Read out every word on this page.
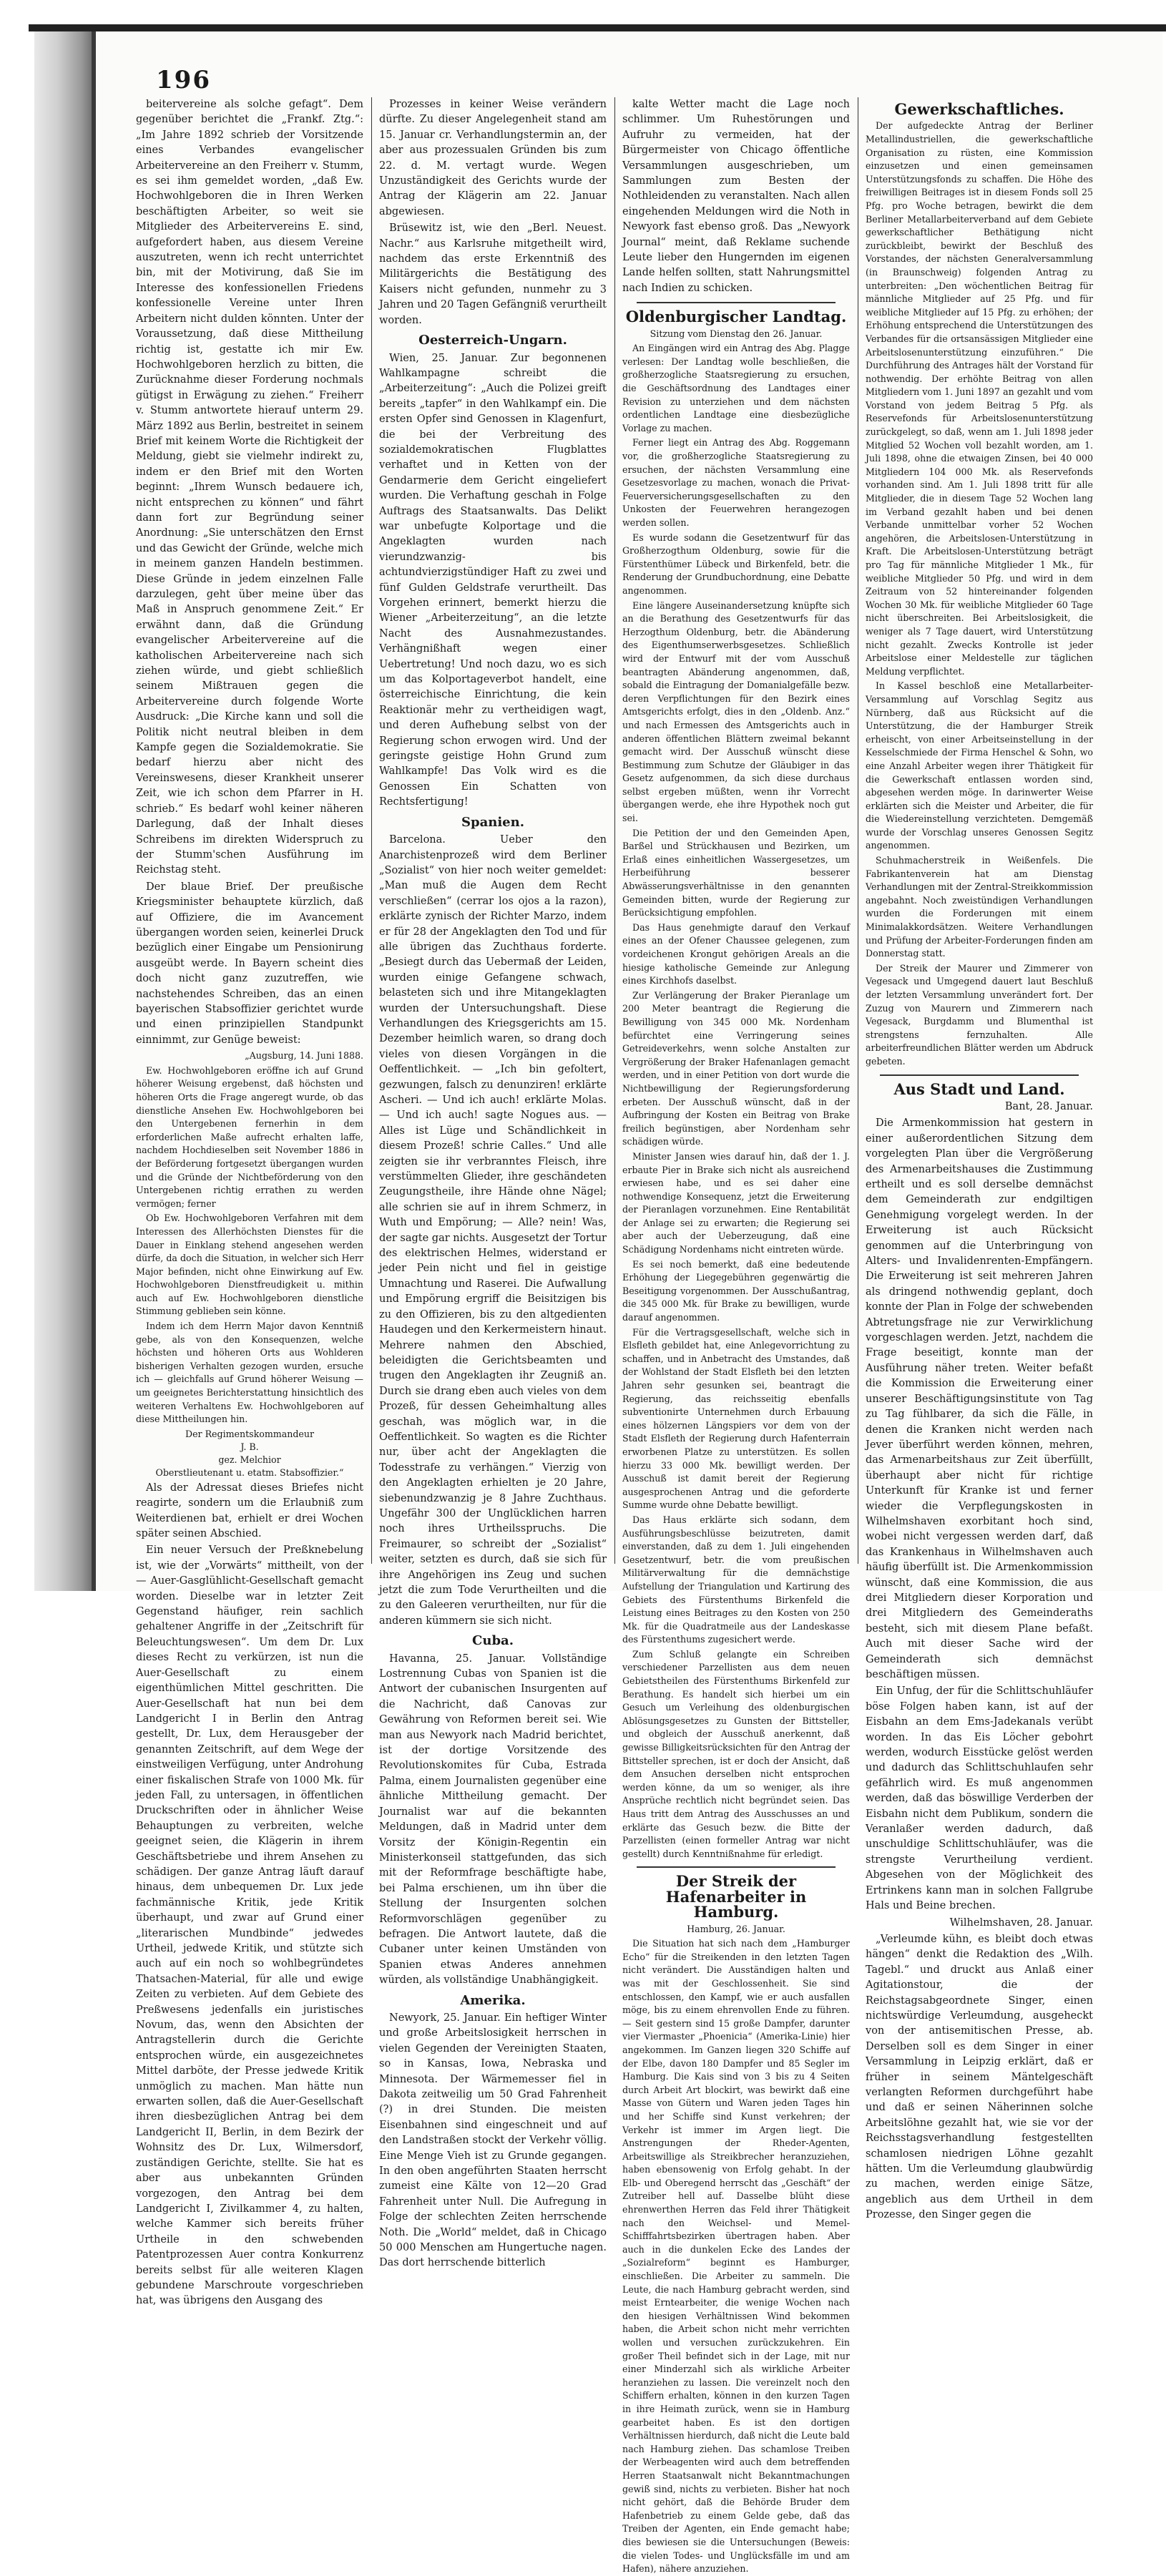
196

beitervereine als solche gefagt“. Dem gegenüber berichtet die „Frankf. Ztg.“: „Im Jahre 1892 schrieb der Vorsitzende eines Verbandes evangelischer Arbeitervereine an den Freiherr v. Stumm, es sei ihm gemeldet worden, „daß Ew. Hochwohlgeboren die in Ihren Werken beschäftigten Arbeiter, so weit sie Mitglieder des Arbeitervereins E. sind, aufgefordert haben, aus diesem Vereine auszutreten, wenn ich recht unterrichtet bin, mit der Motivirung, daß Sie im Interesse des konfessionellen Friedens konfessionelle Vereine unter Ihren Arbeitern nicht dulden könnten. Unter der Voraussetzung, daß diese Mittheilung richtig ist, gestatte ich mir Ew. Hochwohlgeboren herzlich zu bitten, die Zurücknahme dieser Forderung nochmals gütigst in Erwägung zu ziehen.“ Freiherr v. Stumm antwortete hierauf unterm 29. März 1892 aus Berlin, bestreitet in seinem Brief mit keinem Worte die Richtigkeit der Meldung, giebt sie vielmehr indirekt zu, indem er den Brief mit den Worten beginnt: „Ihrem Wunsch bedauere ich, nicht entsprechen zu können“ und fährt dann fort zur Begründung seiner Anordnung: „Sie unterschätzen den Ernst und das Gewicht der Gründe, welche mich in meinem ganzen Handeln bestimmen. Diese Gründe in jedem einzelnen Falle darzulegen, geht über meine über das Maß in Anspruch genommene Zeit.“ Er erwähnt dann, daß die Gründung evangelischer Arbeitervereine auf die katholischen Arbeitervereine nach sich ziehen würde, und giebt schließlich seinem Mißtrauen gegen die Arbeitervereine durch folgende Worte Ausdruck: „Die Kirche kann und soll die Politik nicht neutral bleiben in dem Kampfe gegen die Sozialdemokratie. Sie bedarf hierzu aber nicht des Vereinswesens, dieser Krankheit unserer Zeit, wie ich schon dem Pfarrer in H. schrieb.“ Es bedarf wohl keiner näheren Darlegung, daß der Inhalt dieses Schreibens im direkten Widerspruch zu der Stumm'schen Ausführung im Reichstag steht.

Der blaue Brief. Der preußische Kriegsminister behauptete kürzlich, daß auf Offiziere, die im Avancement übergangen worden seien, keinerlei Druck bezüglich einer Eingabe um Pensionirung ausgeübt werde. In Bayern scheint dies doch nicht ganz zuzutreffen, wie nachstehendes Schreiben, das an einen bayerischen Stabsoffizier gerichtet wurde und einen prinzipiellen Standpunkt einnimmt, zur Genüge beweist:

„Augsburg, 14. Juni 1888.

Ew. Hochwohlgeboren eröffne ich auf Grund höherer Weisung ergebenst, daß höchsten und höheren Orts die Frage angeregt wurde, ob das dienstliche Ansehen Ew. Hochwohlgeboren bei den Untergebenen fernerhin in dem erforderlichen Maße aufrecht erhalten laffe, nachdem Hochdieselben seit November 1886 in der Beförderung fortgesetzt übergangen wurden und die Gründe der Nichtbeförderung von den Untergebenen richtig errathen zu werden vermögen; ferner

Ob Ew. Hochwohlgeboren Verfahren mit dem Interessen des Allerhöchsten Dienstes für die Dauer in Einklang stehend angesehen werden dürfe, da doch die Situation, in welcher sich Herr Major befinden, nicht ohne Einwirkung auf Ew. Hochwohlgeboren Dienstfreudigkeit u. mithin auch auf Ew. Hochwohlgeboren dienstliche Stimmung geblieben sein könne.

Indem ich dem Herrn Major davon Kenntniß gebe, als von den Konsequenzen, welche höchsten und höheren Orts aus Wohlderen bisherigen Verhalten gezogen wurden, ersuche ich — gleichfalls auf Grund höherer Weisung — um geeignetes Berichterstattung hinsichtlich des weiteren Verhaltens Ew. Hochwohlgeboren auf diese Mittheilungen hin.

Der Regimentskommandeur
J. B.
gez. Melchior
Oberstlieutenant u. etatm. Stabsoffizier.“

Als der Adressat dieses Briefes nicht reagirte, sondern um die Erlaubniß zum Weiterdienen bat, erhielt er drei Wochen später seinen Abschied.

Ein neuer Versuch der Preßknebelung ist, wie der „Vorwärts“ mittheilt, von der — Auer-Gasglühlicht-Gesellschaft gemacht worden. Dieselbe war in letzter Zeit Gegenstand häufiger, rein sachlich gehaltener Angriffe in der „Zeitschrift für Beleuchtungswesen“. Um dem Dr. Lux dieses Recht zu verkürzen, ist nun die Auer-Gesellschaft zu einem eigenthümlichen Mittel geschritten. Die Auer-Gesellschaft hat nun bei dem Landgericht I in Berlin den Antrag gestellt, Dr. Lux, dem Herausgeber der genannten Zeitschrift, auf dem Wege der einstweiligen Verfügung, unter Androhung einer fiskalischen Strafe von 1000 Mk. für jeden Fall, zu untersagen, in öffentlichen Druckschriften oder in ähnlicher Weise Behauptungen zu verbreiten, welche geeignet seien, die Klägerin in ihrem Geschäftsbetriebe und ihrem Ansehen zu schädigen. Der ganze Antrag läuft darauf hinaus, dem unbequemen Dr. Lux jede fachmännische Kritik, jede Kritik überhaupt, und zwar auf Grund einer „literarischen Mundbinde“ jedwedes Urtheil, jedwede Kritik, und stützte sich auch auf ein noch so wohlbegründetes Thatsachen-Material, für alle und ewige Zeiten zu verbieten. Auf dem Gebiete des Preßwesens jedenfalls ein juristisches Novum, das, wenn den Absichten der Antragstellerin durch die Gerichte entsprochen würde, ein ausgezeichnetes Mittel darböte, der Presse jedwede Kritik unmöglich zu machen. Man hätte nun erwarten sollen, daß die Auer-Gesellschaft ihren diesbezüglichen Antrag bei dem Landgericht II, Berlin, in dem Bezirk der Wohnsitz des Dr. Lux, Wilmersdorf, zuständigen Gerichte, stellte. Sie hat es aber aus unbekannten Gründen vorgezogen, den Antrag bei dem Landgericht I, Zivilkammer 4, zu halten, welche Kammer sich bereits früher Urtheile in den schwebenden Patentprozessen Auer contra Konkurrenz bereits selbst für alle weiteren Klagen gebundene Marschroute vorgeschrieben hat, was übrigens den Ausgang des

Prozesses in keiner Weise verändern dürfte. Zu dieser Angelegenheit stand am 15. Januar cr. Verhandlungstermin an, der aber aus prozessualen Gründen bis zum 22. d. M. vertagt wurde. Wegen Unzuständigkeit des Gerichts wurde der Antrag der Klägerin am 22. Januar abgewiesen.

Brüsewitz ist, wie den „Berl. Neuest. Nachr.“ aus Karlsruhe mitgetheilt wird, nachdem das erste Erkenntniß des Militärgerichts die Bestätigung des Kaisers nicht gefunden, nunmehr zu 3 Jahren und 20 Tagen Gefängniß verurtheilt worden.

Oesterreich-Ungarn.

Wien, 25. Januar. Zur begonnenen Wahlkampagne schreibt die „Arbeiterzeitung“: „Auch die Polizei greift bereits „tapfer“ in den Wahlkampf ein. Die ersten Opfer sind Genossen in Klagenfurt, die bei der Verbreitung des sozialdemokratischen Flugblattes verhaftet und in Ketten von der Gendarmerie dem Gericht eingeliefert wurden. Die Verhaftung geschah in Folge Auftrags des Staatsanwalts. Das Delikt war unbefugte Kolportage und die Angeklagten wurden nach vierundzwanzig- bis achtundvierzigstündiger Haft zu zwei und fünf Gulden Geldstrafe verurtheilt. Das Vorgehen erinnert, bemerkt hierzu die Wiener „Arbeiterzeitung“, an die letzte Nacht des Ausnahmezustandes. Verhängnißhaft wegen einer Uebertretung! Und noch dazu, wo es sich um das Kolportageverbot handelt, eine österreichische Einrichtung, die kein Reaktionär mehr zu vertheidigen wagt, und deren Aufhebung selbst von der Regierung schon erwogen wird. Und der geringste geistige Hohn Grund zum Wahlkampfe! Das Volk wird es die Genossen Ein Schatten von Rechtsfertigung!

Spanien.

Barcelona. Ueber den Anarchistenprozeß wird dem Berliner „Sozialist“ von hier noch weiter gemeldet: „Man muß die Augen dem Recht verschließen“ (cerrar los ojos a la razon), erklärte zynisch der Richter Marzo, indem er für 28 der Angeklagten den Tod und für alle übrigen das Zuchthaus forderte. „Besiegt durch das Uebermaß der Leiden, wurden einige Gefangene schwach, belasteten sich und ihre Mitangeklagten wurden der Untersuchungshaft. Diese Verhandlungen des Kriegsgerichts am 15. Dezember heimlich waren, so drang doch vieles von diesen Vorgängen in die Oeffentlichkeit. — „Ich bin gefoltert, gezwungen, falsch zu denunziren! erklärte Ascheri. — Und ich auch! erklärte Molas. — Und ich auch! sagte Nogues aus. — Alles ist Lüge und Schändlichkeit in diesem Prozeß! schrie Calles.“ Und alle zeigten sie ihr verbranntes Fleisch, ihre verstümmelten Glieder, ihre geschändeten Zeugungstheile, ihre Hände ohne Nägel; alle schrien sie auf in ihrem Schmerz, in Wuth und Empörung; — Alle? nein! Was, der sagte gar nichts. Ausgesetzt der Tortur des elektrischen Helmes, widerstand er jeder Pein nicht und fiel in geistige Umnachtung und Raserei. Die Aufwallung und Empörung ergriff die Beisitzigen bis zu den Offizieren, bis zu den altgedienten Haudegen und den Kerkermeistern hinaut. Mehrere nahmen den Abschied, beleidigten die Gerichtsbeamten und trugen den Angeklagten ihr Zeugniß an. Durch sie drang eben auch vieles von dem Prozeß, für dessen Geheimhaltung alles geschah, was möglich war, in die Oeffentlichkeit. So wagten es die Richter nur, über acht der Angeklagten die Todesstrafe zu verhängen.“ Vierzig von den Angeklagten erhielten je 20 Jahre, siebenundzwanzig je 8 Jahre Zuchthaus. Ungefähr 300 der Unglücklichen harren noch ihres Urtheilsspruchs. Die Freimaurer, so schreibt der „Sozialist“ weiter, setzten es durch, daß sie sich für ihre Angehörigen ins Zeug und suchen jetzt die zum Tode Verurtheilten und die zu den Galeeren verurtheilten, nur für die anderen kümmern sie sich nicht.

Cuba.

Havanna, 25. Januar. Vollständige Lostrennung Cubas von Spanien ist die Antwort der cubanischen Insurgenten auf die Nachricht, daß Canovas zur Gewährung von Reformen bereit sei. Wie man aus Newyork nach Madrid berichtet, ist der dortige Vorsitzende des Revolutionskomites für Cuba, Estrada Palma, einem Journalisten gegenüber eine ähnliche Mittheilung gemacht. Der Journalist war auf die bekannten Meldungen, daß in Madrid unter dem Vorsitz der Königin-Regentin ein Ministerkonseil stattgefunden, das sich mit der Reformfrage beschäftigte habe, bei Palma erschienen, um ihn über die Stellung der Insurgenten solchen Reformvorschlägen gegenüber zu befragen. Die Antwort lautete, daß die Cubaner unter keinen Umständen von Spanien etwas Anderes annehmen würden, als vollständige Unabhängigkeit.

Amerika.

Newyork, 25. Januar. Ein heftiger Winter und große Arbeitslosigkeit herrschen in vielen Gegenden der Vereinigten Staaten, so in Kansas, Iowa, Nebraska und Minnesota. Der Wärmemesser fiel in Dakota zeitweilig um 50 Grad Fahrenheit (?) in drei Stunden. Die meisten Eisenbahnen sind eingeschneit und auf den Landstraßen stockt der Verkehr völlig. Eine Menge Vieh ist zu Grunde gegangen. In den oben angeführten Staaten herrscht zumeist eine Kälte von 12—20 Grad Fahrenheit unter Null. Die Aufregung in Folge der schlechten Zeiten herrschende Noth. Die „World“ meldet, daß in Chicago 50 000 Menschen am Hungertuche nagen. Das dort herrschende bitterlich

kalte Wetter macht die Lage noch schlimmer. Um Ruhestörungen und Aufruhr zu vermeiden, hat der Bürgermeister von Chicago öffentliche Versammlungen ausgeschrieben, um Sammlungen zum Besten der Nothleidenden zu veranstalten. Nach allen eingehenden Meldungen wird die Noth in Newyork fast ebenso groß. Das „Newyork Journal“ meint, daß Reklame suchende Leute lieber den Hungernden im eigenen Lande helfen sollten, statt Nahrungsmittel nach Indien zu schicken.

Oldenburgischer Landtag.

Sitzung vom Dienstag den 26. Januar.

An Eingängen wird ein Antrag des Abg. Plagge verlesen: Der Landtag wolle beschließen, die großherzogliche Staatsregierung zu ersuchen, die Geschäftsordnung des Landtages einer Revision zu unterziehen und dem nächsten ordentlichen Landtage eine diesbezügliche Vorlage zu machen.

Ferner liegt ein Antrag des Abg. Roggemann vor, die großherzogliche Staatsregierung zu ersuchen, der nächsten Versammlung eine Gesetzesvorlage zu machen, wonach die Privat-Feuerversicherungsgesellschaften zu den Unkosten der Feuerwehren herangezogen werden sollen.

Es wurde sodann die Gesetzentwurf für das Großherzogthum Oldenburg, sowie für die Fürstenthümer Lübeck und Birkenfeld, betr. die Renderung der Grundbuchordnung, eine Debatte angenommen.

Eine längere Auseinandersetzung knüpfte sich an die Berathung des Gesetzentwurfs für das Herzogthum Oldenburg, betr. die Abänderung des Eigenthumserwerbsgesetzes. Schließlich wird der Entwurf mit der vom Ausschuß beantragten Abänderung angenommen, daß, sobald die Eintragung der Domanialgefälle bezw. deren Verpflichtungen für den Bezirk eines Amtsgerichts erfolgt, dies in den „Oldenb. Anz.“ und nach Ermessen des Amtsgerichts auch in anderen öffentlichen Blättern zweimal bekannt gemacht wird. Der Ausschuß wünscht diese Bestimmung zum Schutze der Gläubiger in das Gesetz aufgenommen, da sich diese durchaus selbst ergeben müßten, wenn ihr Vorrecht übergangen werde, ehe ihre Hypothek noch gut sei.

Die Petition der und den Gemeinden Apen, Barßel und Strückhausen und Bezirken, um Erlaß eines einheitlichen Wassergesetzes, um Herbeiführung besserer Abwässerungsverhältnisse in den genannten Gemeinden bitten, wurde der Regierung zur Berücksichtigung empfohlen.

Das Haus genehmigte darauf den Verkauf eines an der Ofener Chaussee gelegenen, zum vordeichenen Krongut gehörigen Areals an die hiesige katholische Gemeinde zur Anlegung eines Kirchhofs daselbst.

Zur Verlängerung der Braker Pieranlage um 200 Meter beantragt die Regierung die Bewilligung von 345 000 Mk. Nordenham befürchtet eine Verringerung seines Getreideverkehrs, wenn solche Anstalten zur Vergrößerung der Braker Hafenanlagen gemacht werden, und in einer Petition von dort wurde die Nichtbewilligung der Regierungsforderung erbeten. Der Ausschuß wünscht, daß in der Aufbringung der Kosten ein Beitrag von Brake freilich begünstigen, aber Nordenham sehr schädigen würde.

Minister Jansen wies darauf hin, daß der 1. J. erbaute Pier in Brake sich nicht als ausreichend erwiesen habe, und es sei daher eine nothwendige Konsequenz, jetzt die Erweiterung der Pieranlagen vorzunehmen. Eine Rentabilität der Anlage sei zu erwarten; die Regierung sei aber auch der Ueberzeugung, daß eine Schädigung Nordenhams nicht eintreten würde.

Es sei noch bemerkt, daß eine bedeutende Erhöhung der Liegegebühren gegenwärtig die Beseitigung vorgenommen. Der Ausschußantrag, die 345 000 Mk. für Brake zu bewilligen, wurde darauf angenommen.

Für die Vertragsgesellschaft, welche sich in Elsfleth gebildet hat, eine Anlegevorrichtung zu schaffen, und in Anbetracht des Umstandes, daß der Wohlstand der Stadt Elsfleth bei den letzten Jahren sehr gesunken sei, beantragt die Regierung, das reichsseitig ebenfalls subventionirte Unternehmen durch Erbauung eines hölzernen Längspiers vor dem von der Stadt Elsfleth der Regierung durch Hafenterrain erworbenen Platze zu unterstützen. Es sollen hierzu 33 000 Mk. bewilligt werden. Der Ausschuß ist damit bereit der Regierung ausgesprochenen Antrag und die geforderte Summe wurde ohne Debatte bewilligt.

Das Haus erklärte sich sodann, dem Ausführungsbeschlüsse beizutreten, damit einverstanden, daß zu dem 1. Juli eingehenden Gesetzentwurf, betr. die vom preußischen Militärverwaltung für die demnächstige Aufstellung der Triangulation und Kartirung des Gebiets des Fürstenthums Birkenfeld die Leistung eines Beitrages zu den Kosten von 250 Mk. für die Quadratmeile aus der Landeskasse des Fürstenthums zugesichert werde.

Zum Schluß gelangte ein Schreiben verschiedener Parzellisten aus dem neuen Gebietstheilen des Fürstenthums Birkenfeld zur Berathung. Es handelt sich hierbei um ein Gesuch um Verleihung des oldenburgischen Ablösungsgesetzes zu Gunsten der Bittsteller, und obgleich der Ausschuß anerkennt, daß gewisse Billigkeitsrücksichten für den Antrag der Bittsteller sprechen, ist er doch der Ansicht, daß dem Ansuchen derselben nicht entsprochen werden könne, da um so weniger, als ihre Ansprüche rechtlich nicht begründet seien. Das Haus tritt dem Antrag des Ausschusses an und erklärte das Gesuch bezw. die Bitte der Parzellisten (einen formeller Antrag war nicht gestellt) durch Kenntnißnahme für erledigt.

Der Streik der Hafenarbeiter in Hamburg.

Hamburg, 26. Januar.

Die Situation hat sich nach dem „Hamburger Echo“ für die Streikenden in den letzten Tagen nicht verändert. Die Ausständigen halten und was mit der Geschlossenheit. Sie sind entschlossen, den Kampf, wie er auch ausfallen möge, bis zu einem ehrenvollen Ende zu führen. — Seit gestern sind 15 große Dampfer, darunter vier Viermaster „Phoenicia“ (Amerika-Linie) hier angekommen. Im Ganzen liegen 320 Schiffe auf der Elbe, davon 180 Dampfer und 85 Segler im Hamburg. Die Kais sind von 3 bis zu 4 Seiten durch Arbeit Art blockirt, was bewirkt daß eine Masse von Gütern und Waren jeden Tages hin und her Schiffe sind Kunst verkehren; der Verkehr ist immer im Argen liegt. Die Anstrengungen der Rheder-Agenten, Arbeitswillige als Streikbrecher heranzuziehen, haben ebensowenig von Erfolg gehabt. In der Elb- und Oberegend herrscht das „Geschäft“ der Zutreiber hell auf. Dasselbe blüht diese ehrenwerthen Herren das Feld ihrer Thätigkeit nach den Weichsel- und Memel-Schifffahrtsbezirken übertragen haben. Aber auch in die dunkelen Ecke des Landes der „Sozialreform“ beginnt es Hamburger, einschließen. Die Arbeiter zu sammeln. Die Leute, die nach Hamburg gebracht werden, sind meist Erntearbeiter, die wenige Wochen nach den hiesigen Verhältnissen Wind bekommen haben, die Arbeit schon nicht mehr verrichten wollen und versuchen zurückzukehren. Ein großer Theil befindet sich in der Lage, mit nur einer Minderzahl sich als wirkliche Arbeiter heranziehen zu lassen. Die vereinzelt noch den Schiffern erhalten, können in den kurzen Tagen in ihre Heimath zurück, wenn sie in Hamburg gearbeitet haben. Es ist den dortigen Verhältnissen hierdurch, daß nicht die Leute bald nach Hamburg ziehen. Das schamlose Treiben der Werbeagenten wird auch dem betreffenden Herren Staatsanwalt nicht Bekanntmachungen gewiß sind, nichts zu verbieten. Bisher hat noch nicht gehört, daß die Behörde Bruder dem Hafenbetrieb zu einem Gelde gebe, daß das Treiben der Agenten, ein Ende gemacht habe; dies bewiesen sie die Untersuchungen (Beweis: die vielen Todes- und Unglücksfälle im und am Hafen), nähere anzuziehen.

Gewerkschaftliches.

Der aufgedeckte Antrag der Berliner Metallindustriellen, die gewerkschaftliche Organisation zu rüsten, eine Kommission einzusetzen und einen gemeinsamen Unterstützungsfonds zu schaffen. Die Höhe des freiwilligen Beitrages ist in diesem Fonds soll 25 Pfg. pro Woche betragen, bewirkt die dem Berliner Metallarbeiterverband auf dem Gebiete gewerkschaftlicher Bethätigung nicht zurückbleibt, bewirkt der Beschluß des Vorstandes, der nächsten Generalversammlung (in Braunschweig) folgenden Antrag zu unterbreiten: „Den wöchentlichen Beitrag für männliche Mitglieder auf 25 Pfg. und für weibliche Mitglieder auf 15 Pfg. zu erhöhen; der Erhöhung entsprechend die Unterstützungen des Verbandes für die ortsansässigen Mitglieder eine Arbeitslosenunterstützung einzuführen.“ Die Durchführung des Antrages hält der Vorstand für nothwendig. Der erhöhte Beitrag von allen Mitgliedern vom 1. Juni 1897 an gezahlt und vom Vorstand von jedem Beitrag 5 Pfg. als Reservefonds für Arbeitslosenunterstützung zurückgelegt, so daß, wenn am 1. Juli 1898 jeder Mitglied 52 Wochen voll bezahlt worden, am 1. Juli 1898, ohne die etwaigen Zinsen, bei 40 000 Mitgliedern 104 000 Mk. als Reservefonds vorhanden sind. Am 1. Juli 1898 tritt für alle Mitglieder, die in diesem Tage 52 Wochen lang im Verband gezahlt haben und bei denen Verbande unmittelbar vorher 52 Wochen angehören, die Arbeitslosen-Unterstützung in Kraft. Die Arbeitslosen-Unterstützung beträgt pro Tag für männliche Mitglieder 1 Mk., für weibliche Mitglieder 50 Pfg. und wird in dem Zeitraum von 52 hintereinander folgenden Wochen 30 Mk. für weibliche Mitglieder 60 Tage nicht überschreiten. Bei Arbeitslosigkeit, die weniger als 7 Tage dauert, wird Unterstützung nicht gezahlt. Zwecks Kontrolle ist jeder Arbeitslose einer Meldestelle zur täglichen Meldung verpflichtet.

In Kassel beschloß eine Metallarbeiter-Versammlung auf Vorschlag Segitz aus Nürnberg, daß aus Rücksicht auf die Unterstützung, die der Hamburger Streik erheischt, von einer Arbeitseinstellung in der Kesselschmiede der Firma Henschel & Sohn, wo eine Anzahl Arbeiter wegen ihrer Thätigkeit für die Gewerkschaft entlassen worden sind, abgesehen werden möge. In darinwerter Weise erklärten sich die Meister und Arbeiter, die für die Wiedereinstellung verzichteten. Demgemäß wurde der Vorschlag unseres Genossen Segitz angenommen.

Schuhmacherstreik in Weißenfels. Die Fabrikantenverein hat am Dienstag Verhandlungen mit der Zentral-Streikkommission angebahnt. Noch zweistündigen Verhandlungen wurden die Forderungen mit einem Minimalakkordsätzen. Weitere Verhandlungen und Prüfung der Arbeiter-Forderungen finden am Donnerstag statt.

Der Streik der Maurer und Zimmerer von Vegesack und Umgegend dauert laut Beschluß der letzten Versammlung unverändert fort. Der Zuzug von Maurern und Zimmerern nach Vegesack, Burgdamm und Blumenthal ist strengstens fernzuhalten. Alle arbeiterfreundlichen Blätter werden um Abdruck gebeten.

Aus Stadt und Land.

Bant, 28. Januar.

Die Armenkommission hat gestern in einer außerordentlichen Sitzung dem vorgelegten Plan über die Vergrößerung des Armenarbeitshauses die Zustimmung ertheilt und es soll derselbe demnächst dem Gemeinderath zur endgiltigen Genehmigung vorgelegt werden. In der Erweiterung ist auch Rücksicht genommen auf die Unterbringung von Alters- und Invalidenrenten-Empfängern. Die Erweiterung ist seit mehreren Jahren als dringend nothwendig geplant, doch konnte der Plan in Folge der schwebenden Abtretungsfrage nie zur Verwirklichung vorgeschlagen werden. Jetzt, nachdem die Frage beseitigt, konnte man der Ausführung näher treten. Weiter befaßt die Kommission die Erweiterung einer unserer Beschäftigungsinstitute von Tag zu Tag fühlbarer, da sich die Fälle, in denen die Kranken nicht werden nach Jever überführt werden können, mehren, das Armenarbeitshaus zur Zeit überfüllt, überhaupt aber nicht für richtige Unterkunft für Kranke ist und ferner wieder die Verpflegungskosten in Wilhelmshaven exorbitant hoch sind, wobei nicht vergessen werden darf, daß das Krankenhaus in Wilhelmshaven auch häufig überfüllt ist. Die Armenkommission wünscht, daß eine Kommission, die aus drei Mitgliedern dieser Korporation und drei Mitgliedern des Gemeinderaths besteht, sich mit diesem Plane befaßt. Auch mit dieser Sache wird der Gemeinderath sich demnächst beschäftigen müssen.

Ein Unfug, der für die Schlittschuhläufer böse Folgen haben kann, ist auf der Eisbahn an dem Ems-Jadekanals verübt worden. In das Eis Löcher gebohrt werden, wodurch Eisstücke gelöst werden und dadurch das Schlittschuhlaufen sehr gefährlich wird. Es muß angenommen werden, daß das böswillige Verderben der Eisbahn nicht dem Publikum, sondern die Veranlaßer werden dadurch, daß unschuldige Schlittschuhläufer, was die strengste Verurtheilung verdient. Abgesehen von der Möglichkeit des Ertrinkens kann man in solchen Fallgrube Hals und Beine brechen.

Wilhelmshaven, 28. Januar.

„Verleumde kühn, es bleibt doch etwas hängen“ denkt die Redaktion des „Wilh. Tagebl.“ und druckt aus Anlaß einer Agitationstour, die der Reichstagsabgeordnete Singer, einen nichtswürdige Verleumdung, ausgeheckt von der antisemitischen Presse, ab. Derselben soll es dem Singer in einer Versammlung in Leipzig erklärt, daß er früher in seinem Mäntelgeschäft verlangten Reformen durchgeführt habe und daß er seinen Näherinnen solche Arbeitslöhne gezahlt hat, wie sie vor der Reichsstagsverhandlung festgestellten schamlosen niedrigen Löhne gezahlt hätten. Um die Verleumdung glaubwürdig zu machen, werden einige Sätze, angeblich aus dem Urtheil in dem Prozesse, den Singer gegen die
